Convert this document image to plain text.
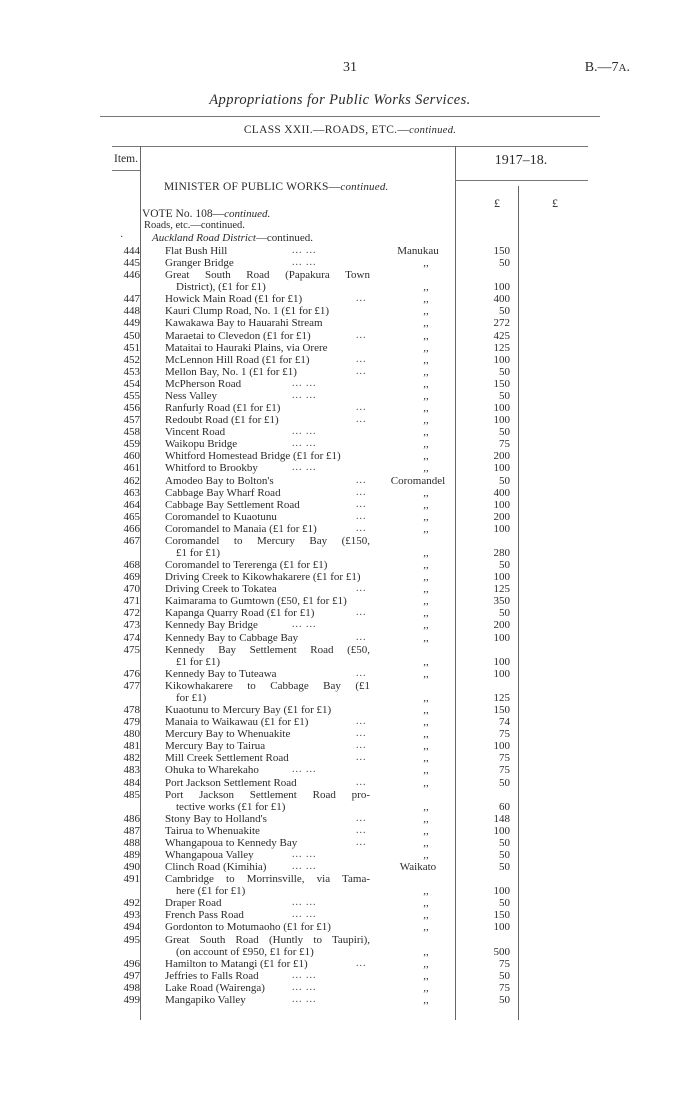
31	B.—7A.
Appropriations for Public Works Services.
CLASS XXII.—ROADS, ETC.—continued.
Item.	1917–18.
MINISTER OF PUBLIC WORKS—continued.
£	£
VOTE No. 108—continued.
Roads, etc.—continued.
·	Auckland Road District—continued.
444 Flat Bush Hill	... ...	Manukau	150
445 Granger Bridge	... ...	,,	50
446 Great South Road (Papakura Town
District), (£1 for £1)	,,	100
447 Howick Main Road (£1 for £1)	...	,,	400
448 Kauri Clump Road, No. 1 (£1 for £1)	,,	50
449 Kawakawa Bay to Hauarahi Stream	,,	272
450 Maraetai to Clevedon (£1 for £1)	...	,,	425
451 Mataitai to Hauraki Plains, via Orere	,,	125
452 McLennon Hill Road (£1 for £1)	...	,,	100
453 Mellon Bay, No. 1 (£1 for £1)	...	,,	50
454 McPherson Road	... ...	,,	150
455 Ness Valley	... ...	,,	50
456 Ranfurly Road (£1 for £1)	...	,,	100
457 Redoubt Road (£1 for £1)	...	,,	100
458 Vincent Road	... ...	,,	50
459 Waikopu Bridge	... ...	,,	75
460 Whitford Homestead Bridge (£1 for £1)	,,	200
461 Whitford to Brookby	... ...	,,	100
462 Amodeo Bay to Bolton's	...	Coromandel	50
463 Cabbage Bay Wharf Road	...	,,	400
464 Cabbage Bay Settlement Road	...	,,	100
465 Coromandel to Kuaotunu	...	,,	200
466 Coromandel to Manaia (£1 for £1)	...	,,	100
467 Coromandel to Mercury Bay (£150,
£1 for £1)	,,	280
468 Coromandel to Tererenga (£1 for £1)	,,	50
469 Driving Creek to Kikowhakarere (£1 for £1)	,,	100
470 Driving Creek to Tokatea	...	,,	125
471 Kaimarama to Gumtown (£50, £1 for £1)	,,	350
472 Kapanga Quarry Road (£1 for £1)	...	,,	50
473 Kennedy Bay Bridge	... ...	,,	200
474 Kennedy Bay to Cabbage Bay	...	,,	100
475 Kennedy Bay Settlement Road (£50,
£1 for £1)	,,	100
476 Kennedy Bay to Tuteawa	...	,,	100
477 Kikowhakarere to Cabbage Bay (£1
for £1)	,,	125
478 Kuaotunu to Mercury Bay (£1 for £1)	,,	150
479 Manaia to Waikawau (£1 for £1)	...	,,	74
480 Mercury Bay to Whenuakite	...	,,	75
481 Mercury Bay to Tairua	...	,,	100
482 Mill Creek Settlement Road	...	,,	75
483 Ohuka to Wharekaho	... ...	,,	75
484 Port Jackson Settlement Road	...	,,	50
485 Port Jackson Settlement Road pro-
tective works (£1 for £1)	,,	60
486 Stony Bay to Holland's	...	,,	148
487 Tairua to Whenuakite	...	,,	100
488 Whangapoua to Kennedy Bay	...	,,	50
489 Whangapoua Valley	... ...	,,	50
490 Clinch Road (Kimihia)	... ...	Waikato	50
491 Cambridge to Morrinsville, via Tama-
here (£1 for £1)	,,	100
492 Draper Road	... ...	,,	50
493 French Pass Road	... ...	,,	150
494 Gordonton to Motumaoho (£1 for £1)	,,	100
495 Great South Road (Huntly to Taupiri),
(on account of £950, £1 for £1)	,,	500
496 Hamilton to Matangi (£1 for £1)	...	,,	75
497 Jeffries to Falls Road	... ...	,,	50
498 Lake Road (Wairenga)	... ...	,,	75
499 Mangapiko Valley	... ...	,,	50
